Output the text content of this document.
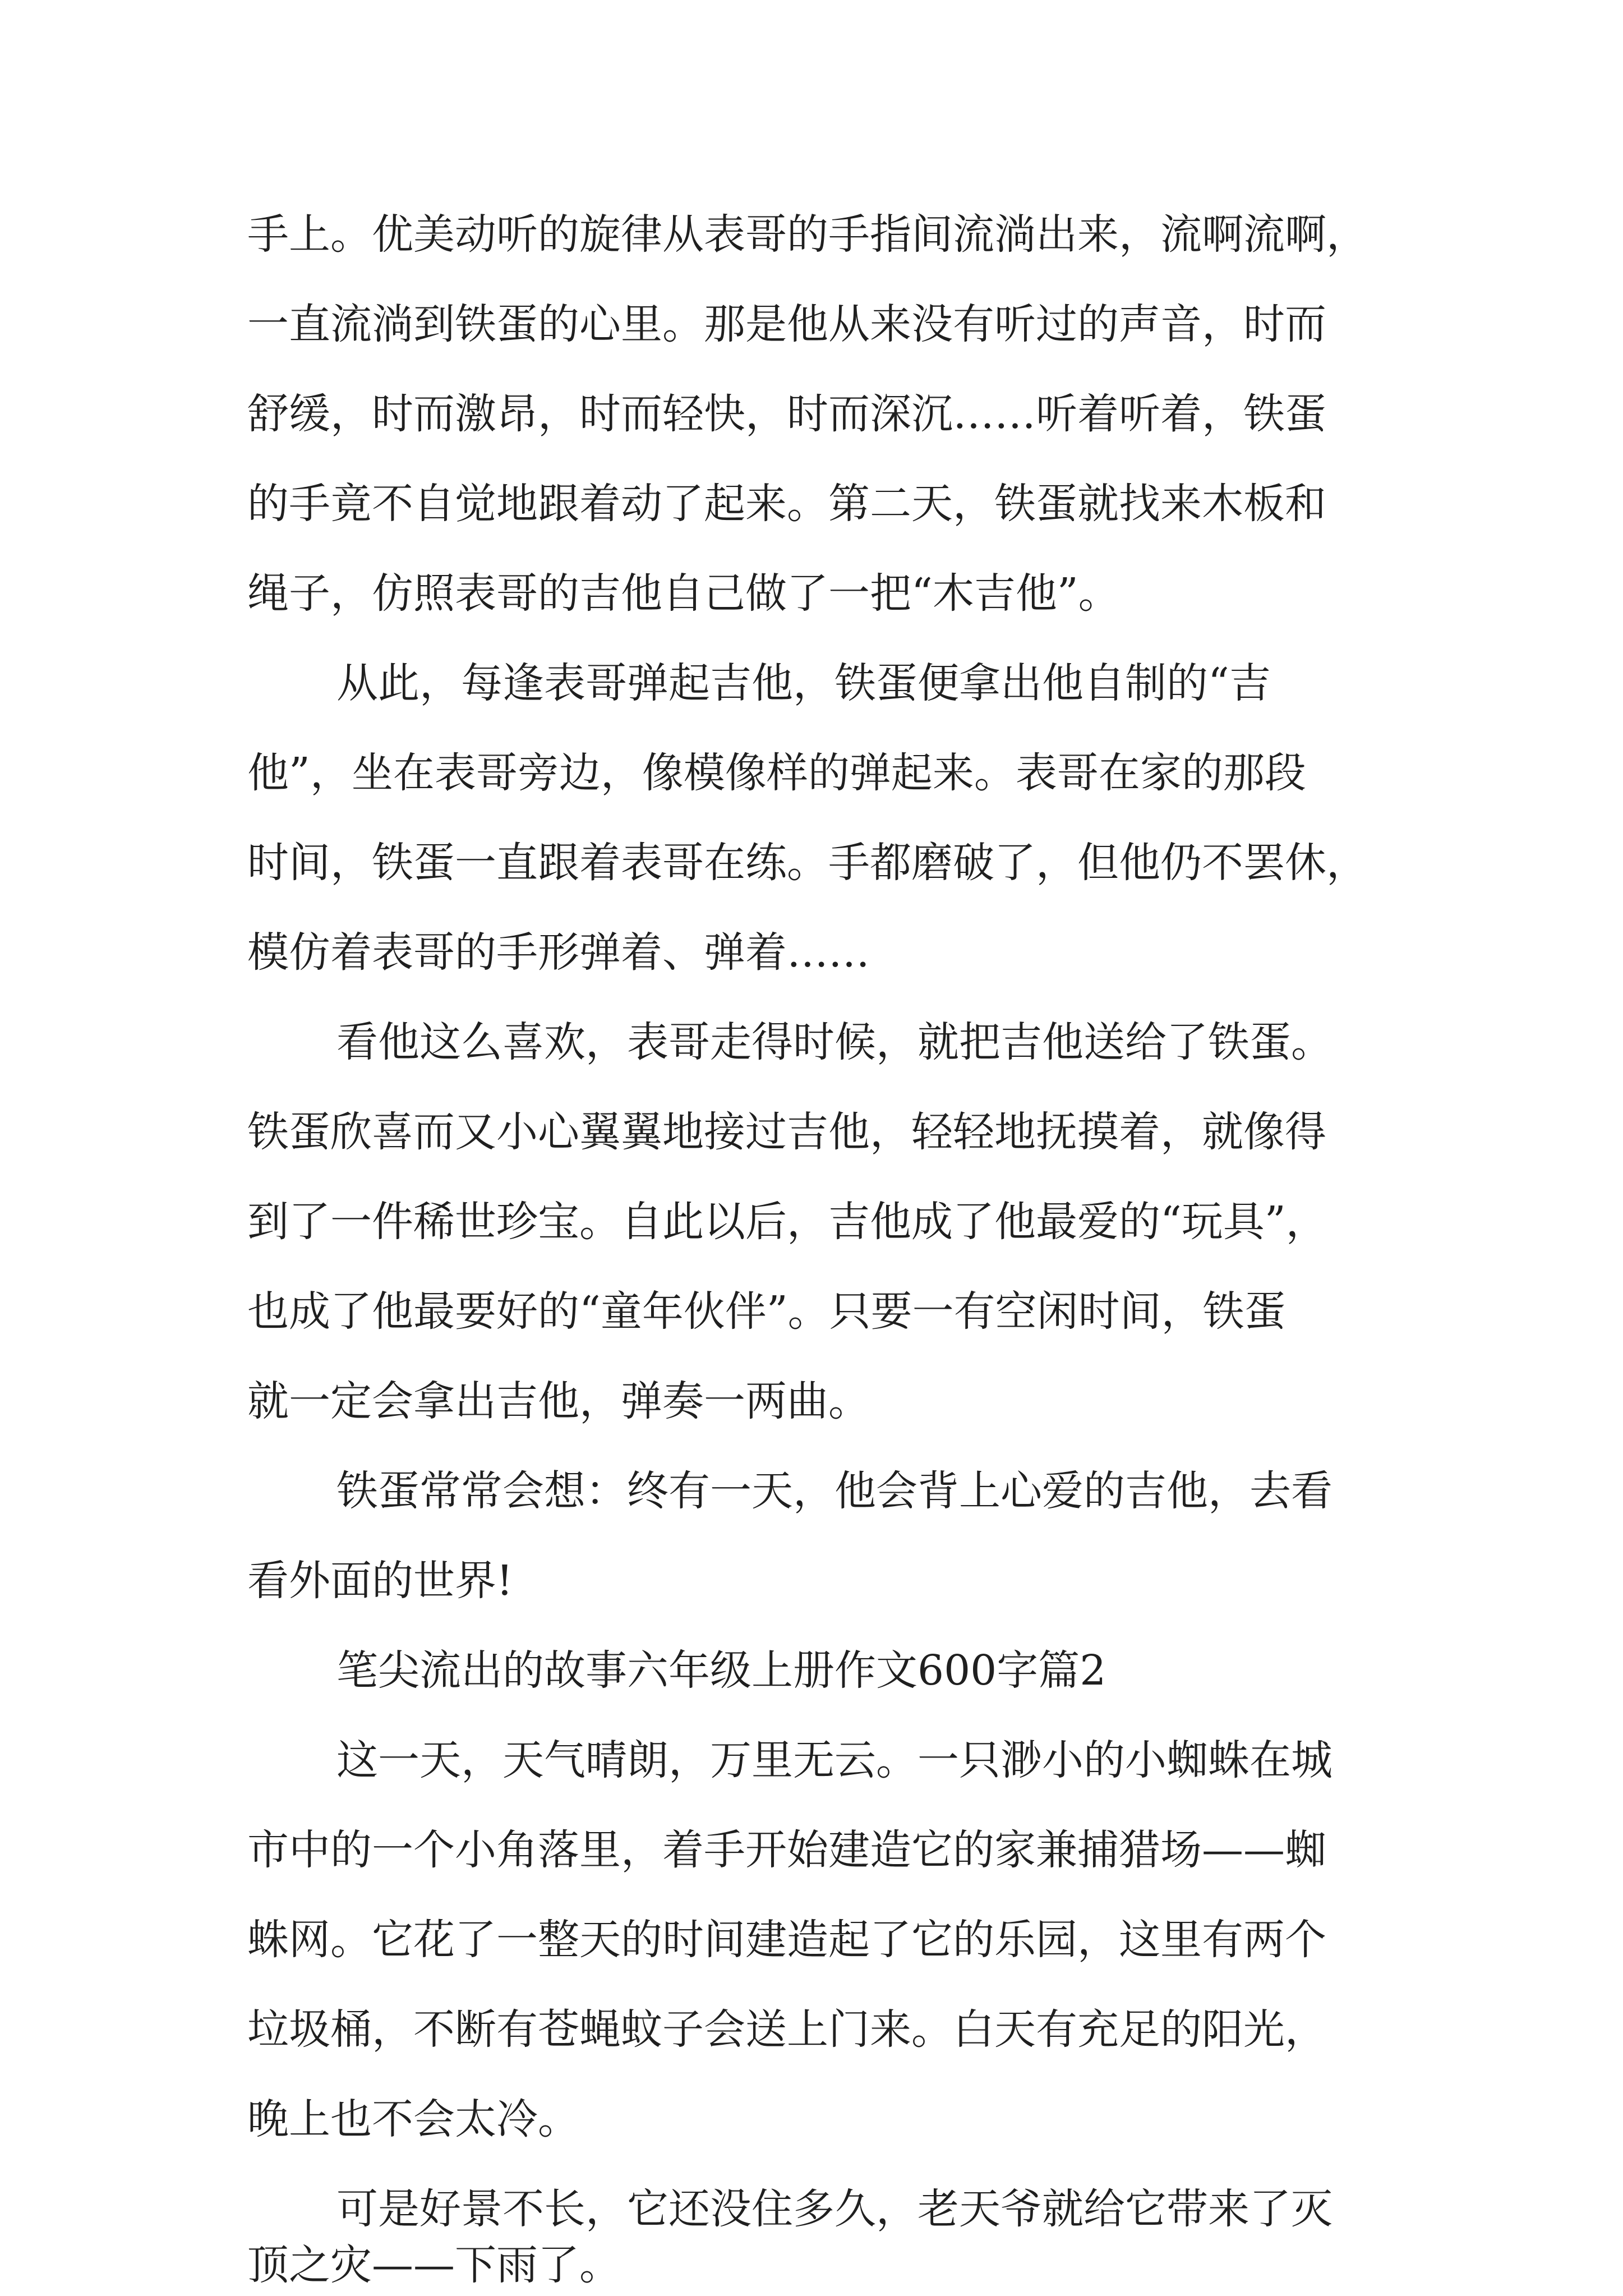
手上。优美动听的旋律从表哥的手指间流淌出来，流啊流啊，
一直流淌到铁蛋的心里。那是他从来没有听过的声音，时而
舒缓，时而激昂，时而轻快，时而深沉……听着听着，铁蛋
的手竟不自觉地跟着动了起来。第二天，铁蛋就找来木板和
绳子，仿照表哥的吉他自己做了一把“木吉他”。
从此，每逢表哥弹起吉他，铁蛋便拿出他自制的“吉
他”，坐在表哥旁边，像模像样的弹起来。表哥在家的那段
时间，铁蛋一直跟着表哥在练。手都磨破了，但他仍不罢休，
模仿着表哥的手形弹着、弹着……
看他这么喜欢，表哥走得时候，就把吉他送给了铁蛋。
铁蛋欣喜而又小心翼翼地接过吉他，轻轻地抚摸着，就像得
到了一件稀世珍宝。自此以后，吉他成了他最爱的“玩具”，
也成了他最要好的“童年伙伴”。只要一有空闲时间，铁蛋
就一定会拿出吉他，弹奏一两曲。
铁蛋常常会想：终有一天，他会背上心爱的吉他，去看
看外面的世界!
笔尖流出的故事六年级上册作文600字篇2
这一天，天气晴朗，万里无云。一只渺小的小蜘蛛在城
市中的一个小角落里，着手开始建造它的家兼捕猎场——蜘
蛛网。它花了一整天的时间建造起了它的乐园，这里有两个
垃圾桶，不断有苍蝇蚊子会送上门来。白天有充足的阳光，
晚上也不会太冷。
可是好景不长，它还没住多久，老天爷就给它带来了灭
顶之灾——下雨了。
